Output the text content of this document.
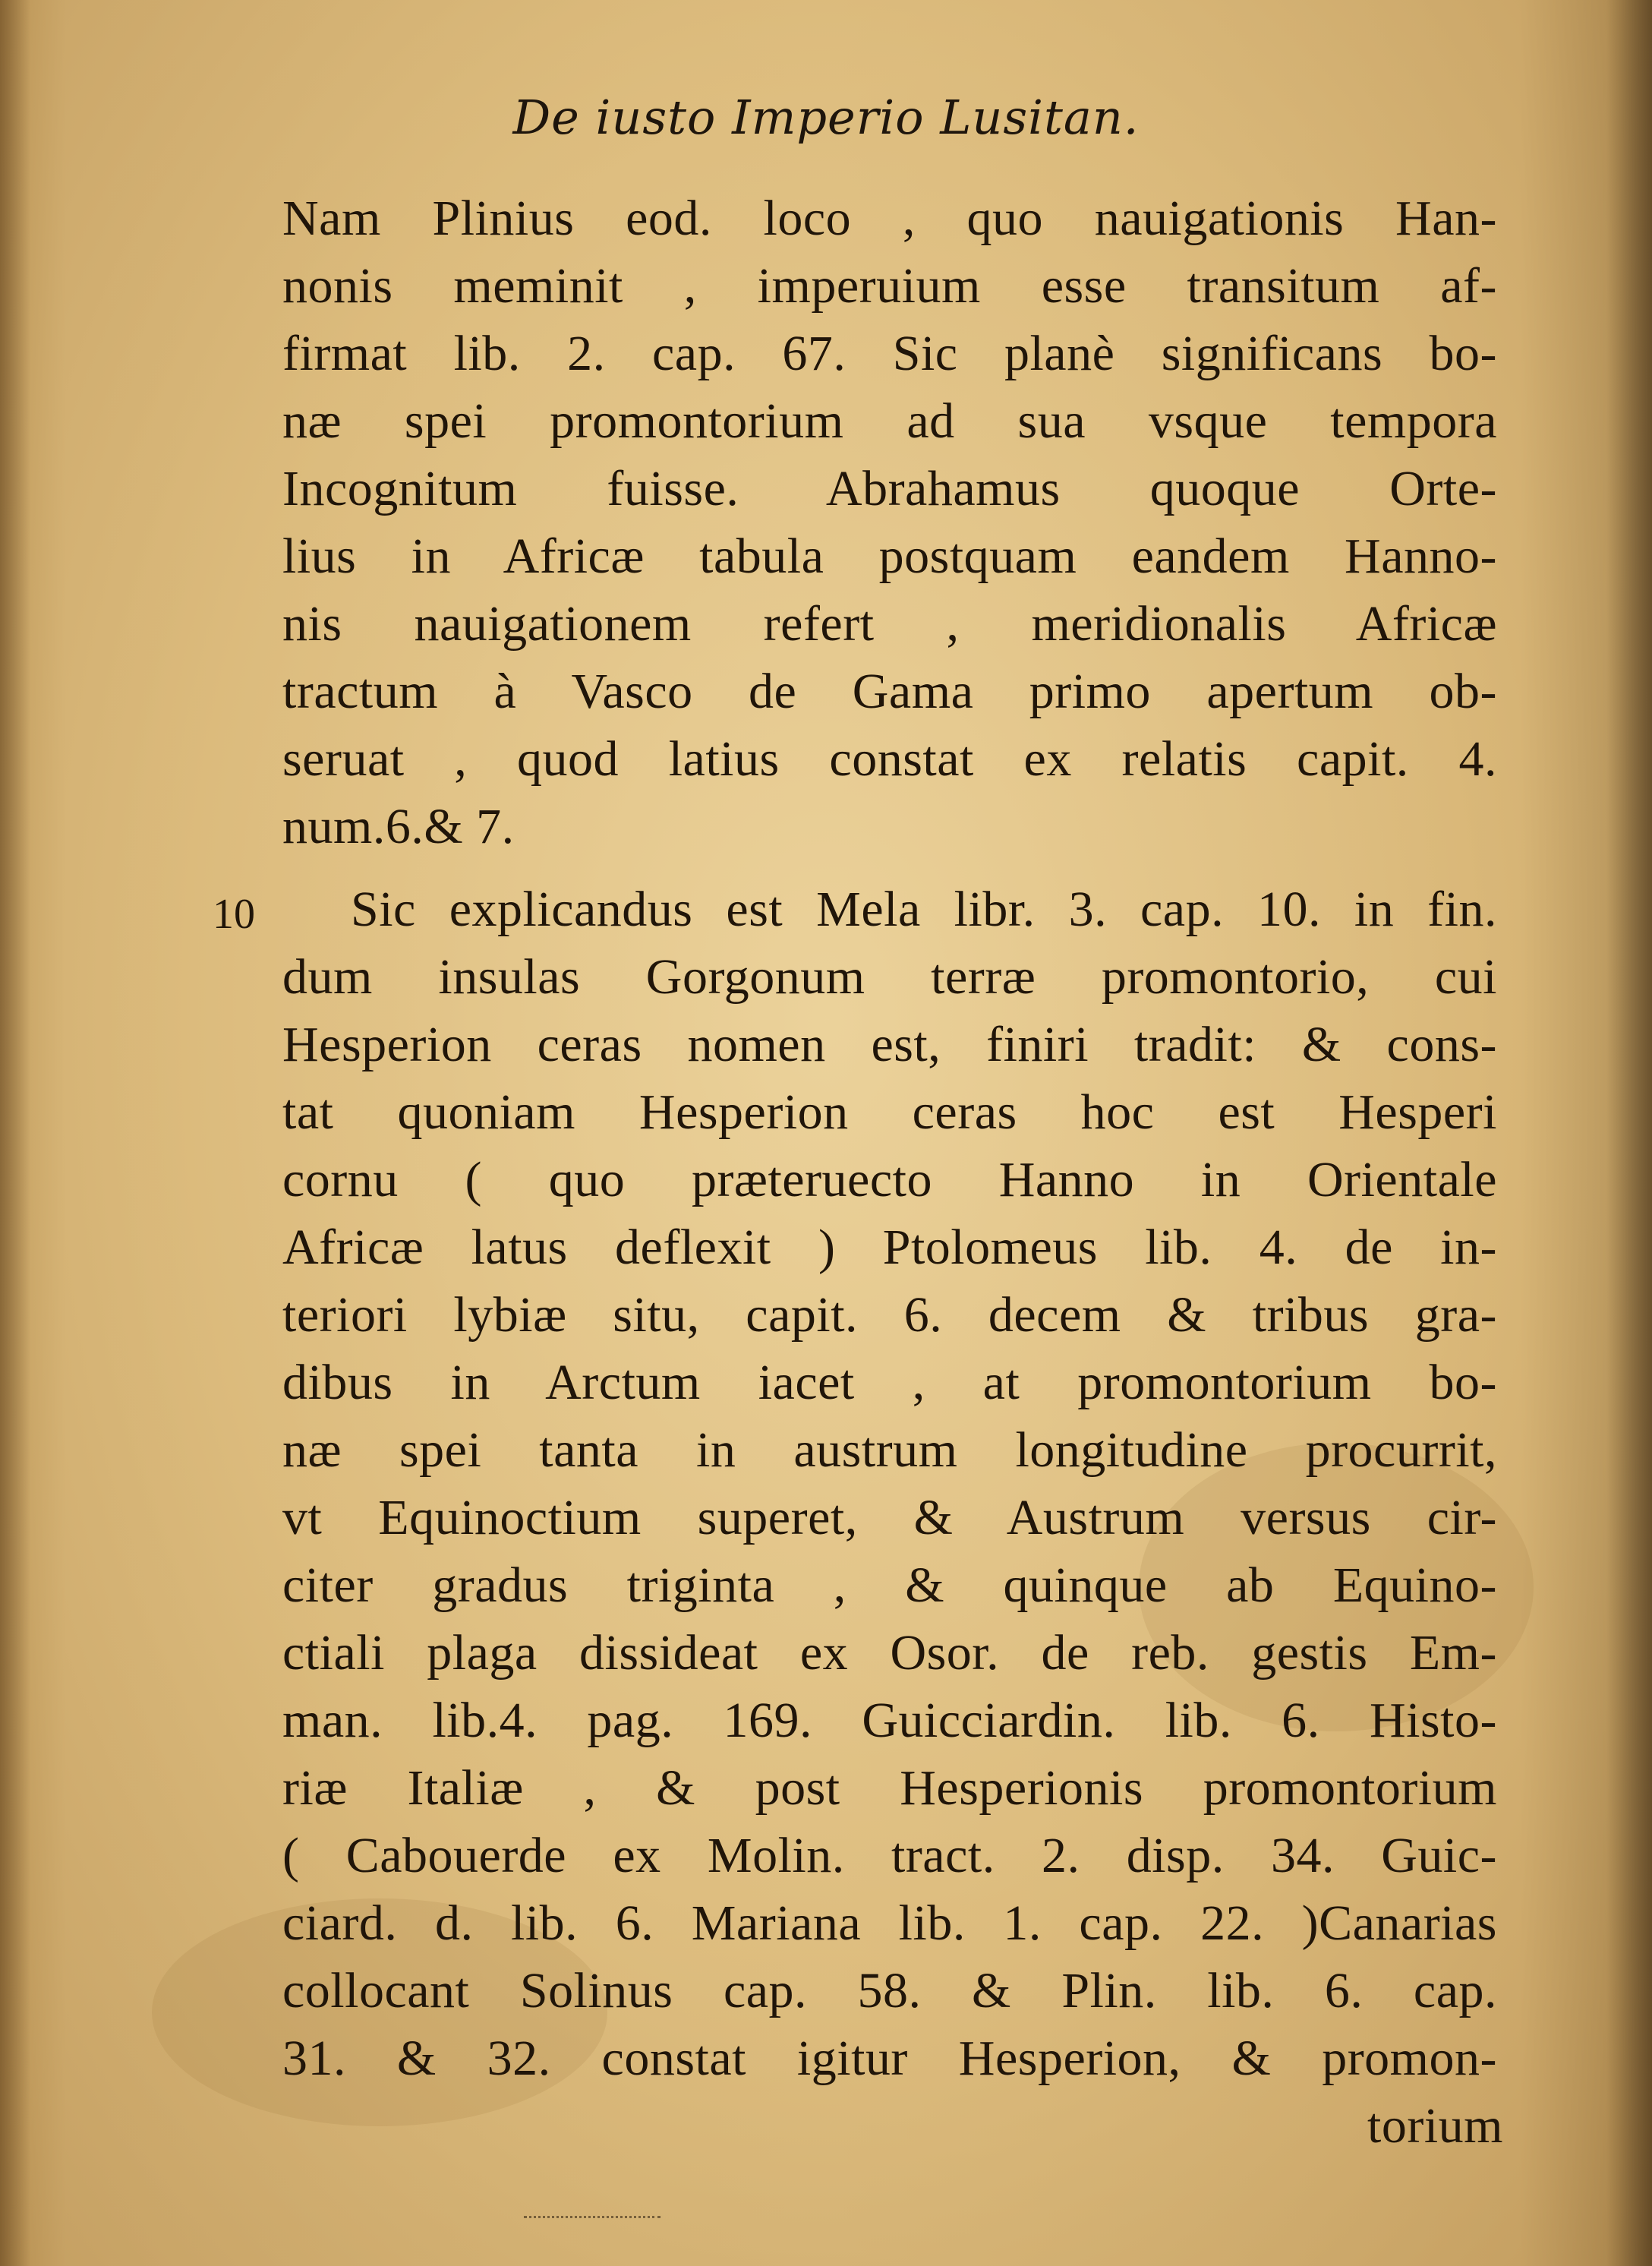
De iusto Imperio Lusitan.
10
Nam Plinius eod. loco , quo nauigationis Han-
nonis meminit , imperuium esse transitum af-
firmat lib. 2. cap. 67. Sic planè significans bo-
næ spei promontorium ad sua vsque tempora
Incognitum fuisse. Abrahamus quoque Orte-
lius in Africæ tabula postquam eandem Hanno-
nis nauigationem refert , meridionalis Africæ
tractum à Vasco de Gama primo apertum ob-
seruat , quod latius constat ex relatis capit. 4.
num.6.& 7.
Sic explicandus est Mela libr. 3. cap. 10. in fin.
dum insulas Gorgonum terræ promontorio, cui
Hesperion ceras nomen est, finiri tradit: & cons-
tat quoniam Hesperion ceras hoc est Hesperi
cornu ( quo præteruecto Hanno in Orientale
Africæ latus deflexit ) Ptolomeus lib. 4. de in-
teriori lybiæ situ, capit. 6. decem & tribus gra-
dibus in Arctum iacet , at promontorium bo-
næ spei tanta in austrum longitudine procurrit,
vt Equinoctium superet, & Austrum versus cir-
citer gradus triginta , & quinque ab Equino-
ctiali plaga dissideat ex Osor. de reb. gestis Em-
man. lib.4. pag. 169. Guicciardin. lib. 6. Histo-
riæ Italiæ , & post Hesperionis promontorium
( Cabouerde ex Molin. tract. 2. disp. 34. Guic-
ciard. d. lib. 6. Mariana lib. 1. cap. 22. )Canarias
collocant Solinus cap. 58. & Plin. lib. 6. cap.
31. & 32. constat igitur Hesperion, & promon-
torium
